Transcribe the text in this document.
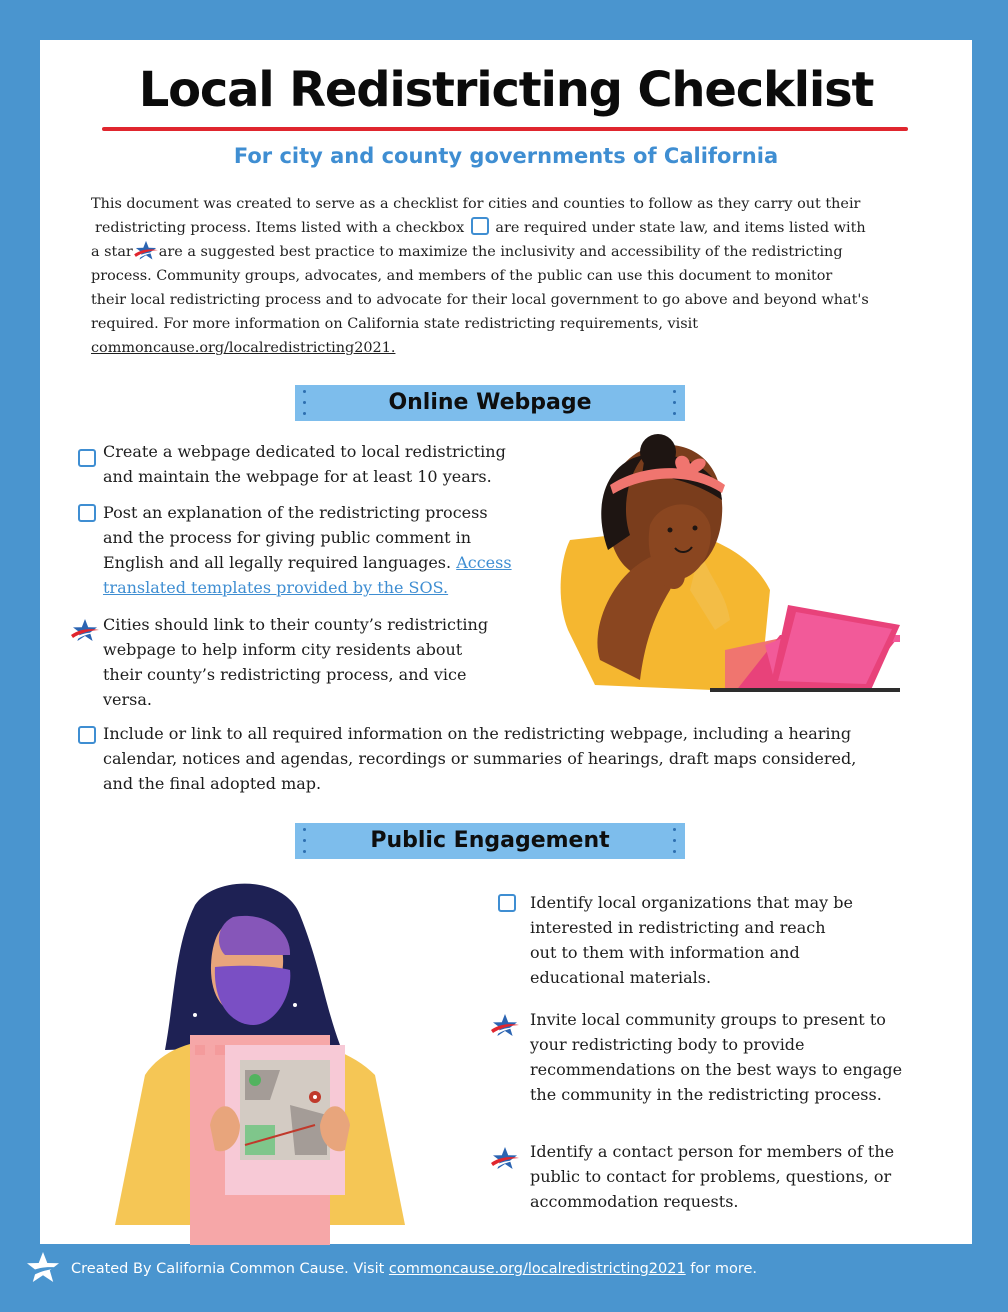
Local Redistricting Checklist
For city and county governments of California
This document was created to serve as a checklist for cities and counties to follow as they carry out their
redistricting process. Items listed with a checkbox are required under state law, and items listed with
a star are a suggested best practice to maximize the inclusivity and accessibility of the redistricting
process. Community groups, advocates, and members of the public can use this document to monitor
their local redistricting process and to advocate for their local government to go above and beyond what's
required. For more information on California state redistricting requirements, visit
commoncause.org/localredistricting2021.
Online Webpage
Create a webpage dedicated to local redistricting
and maintain the webpage for at least 10 years.
Post an explanation of the redistricting process
and the process for giving public comment in
English and all legally required languages. Access
translated templates provided by the SOS.
Cities should link to their county’s redistricting
webpage to help inform city residents about
their county’s redistricting process, and vice
versa.
Include or link to all required information on the redistricting webpage, including a hearing
calendar, notices and agendas, recordings or summaries of hearings, draft maps considered,
and the final adopted map.
Public Engagement
Identify local organizations that may be
interested in redistricting and reach
out to them with information and
educational materials.
Invite local community groups to present to
your redistricting body to provide
recommendations on the best ways to engage
the community in the redistricting process.
Identify a contact person for members of the
public to contact for problems, questions, or
accommodation requests.
Created By California Common Cause. Visit commoncause.org/localredistricting2021 for more.
